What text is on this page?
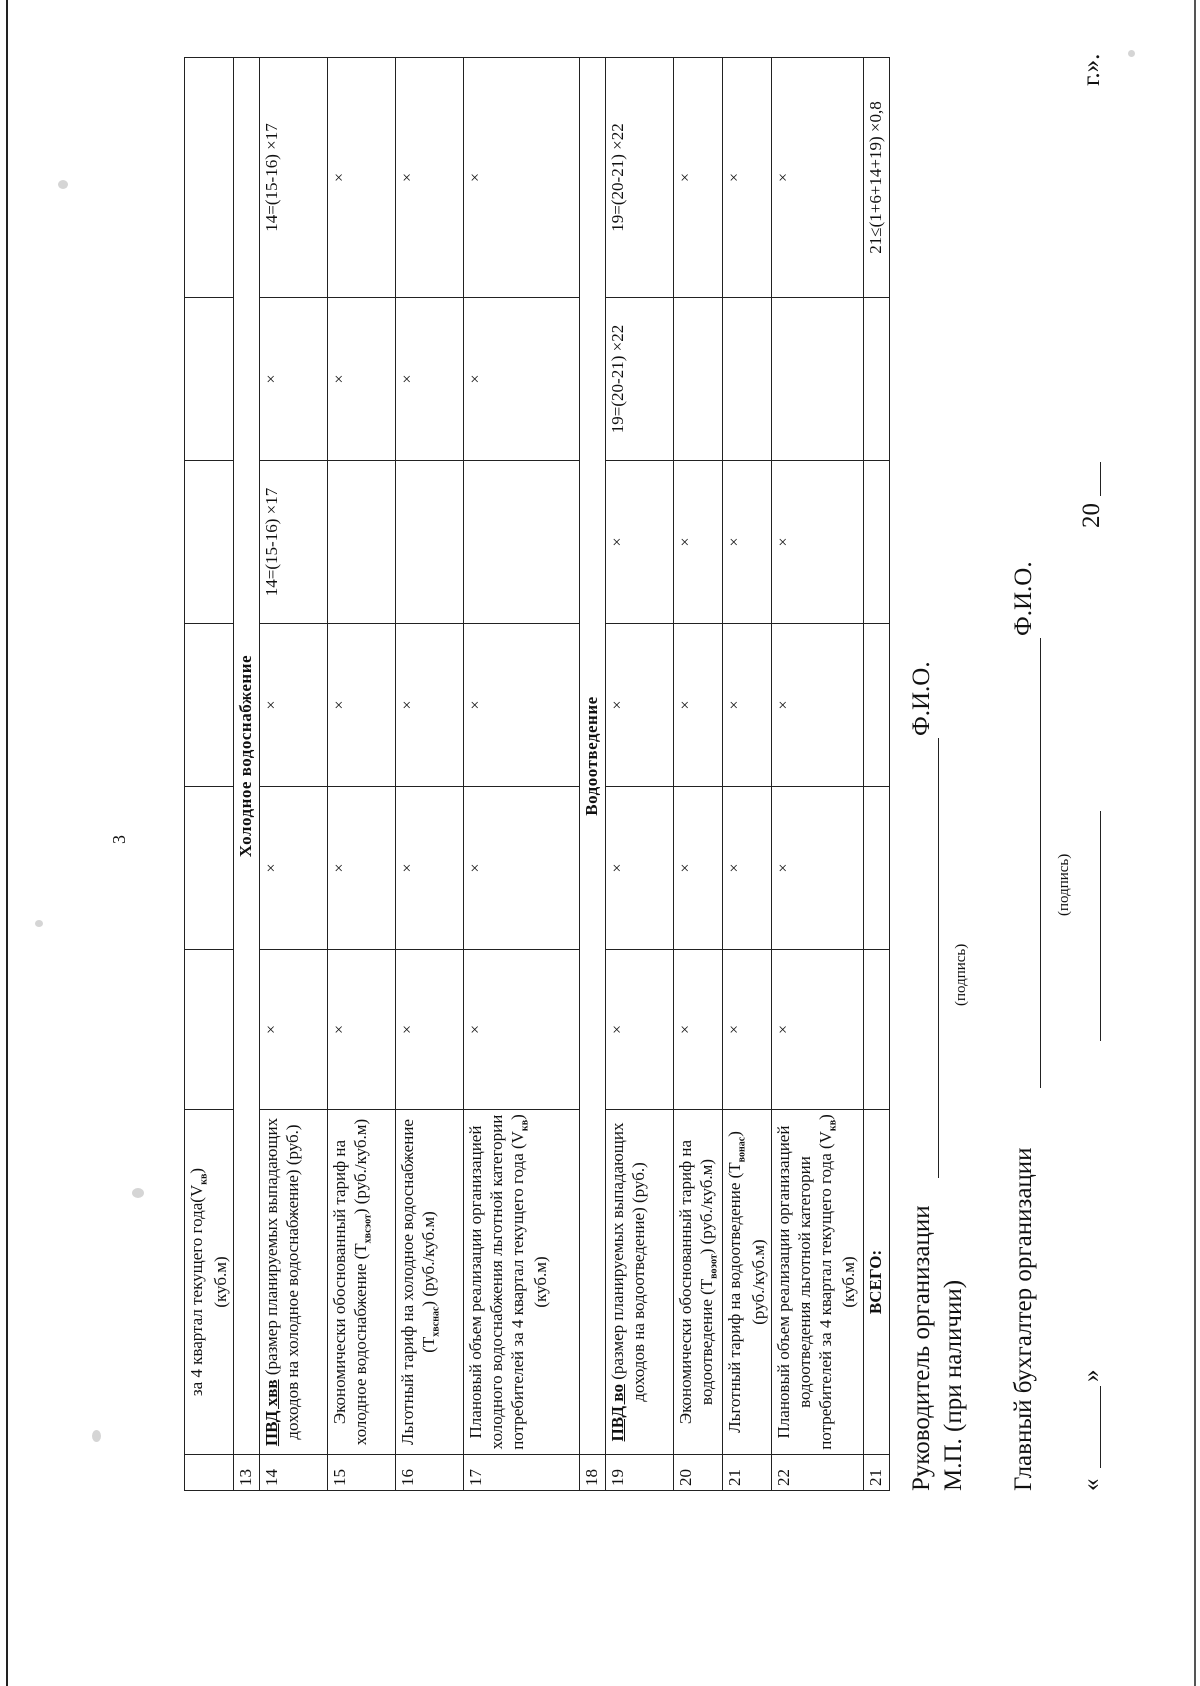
	за 4 квартал текущего $года(V_{кв})$
(куб.м)						
13	Холодное водоснабжение						
14	ПВД хвв (размер планируемых выпадающих доходов на холодное водоснабжение) (руб.)	×	×	×	14=(15-16) ×17	×	14=(15-16) ×17
15	Экономически обоснованный тариф на холодное водоснабжение $(Т_{хвсэот})$ (руб./куб.м)	×	×	×		×	×
16	Льготный тариф на холодное водоснабжение $(Т_{хвснас})$ (руб./куб.м)	×	×	×		×	×
17	Плановый объем реализации организацией холодного водоснабжения льготной категории потребителей за 4 квартал текущего года $(V_{кв})$ (куб.м)	×	×	×		×	×
18	Водоотведение						
19	ПВД во (размер планируемых выпадающих доходов на водоотведение) (руб.)	×	×	×	×	19=(20-21) ×22	19=(20-21) ×22
20	Экономически обоснованный тариф на водоотведение $(Т_{воэот})$ (руб./куб.м)	×	×	×	×		×
21	Льготный тариф на водоотведение $(Т_{вонас})$ (руб./куб.м)	×	×	×	×		×
22	Плановый объем реализации организацией водоотведения льготной категории потребителей за 4 квартал текущего года $(V_{кв})$ (куб.м)	×	×	×	×		×
21	ВСЕГО:						21≤(1+6+14+19) ×0,8
Руководитель организации
Ф.И.О.
М.П. (при наличии)
(подпись)
Главный бухгалтер организации
Ф.И.О.
(подпись)
«
»
20
г.».
3
